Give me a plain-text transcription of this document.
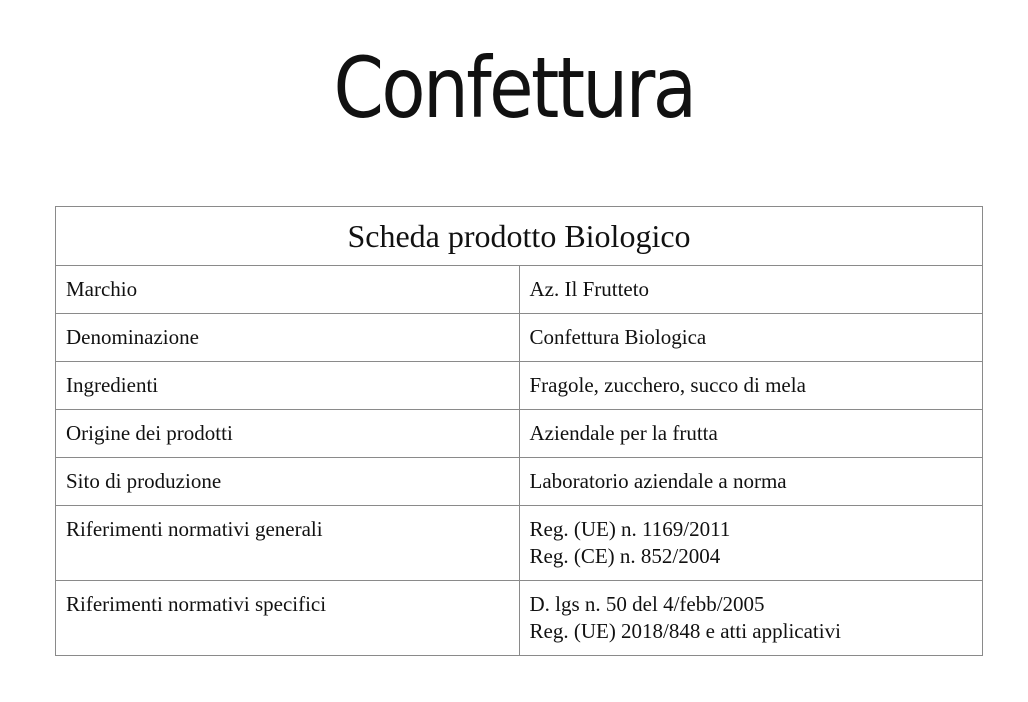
Confettura
Scheda prodotto Biologico	
Marchio	Az. Il Frutteto
Denominazione	Confettura Biologica
Ingredienti	Fragole, zucchero, succo di mela
Origine dei prodotti	Aziendale per la frutta
Sito di produzione	Laboratorio aziendale a norma
Riferimenti normativi generali	Reg. (UE) n. 1169/2011
Reg. (CE) n. 852/2004

Riferimenti normativi specifici	D. lgs n. 50 del 4/febb/2005
Reg. (UE) 2018/848 e atti applicativi
